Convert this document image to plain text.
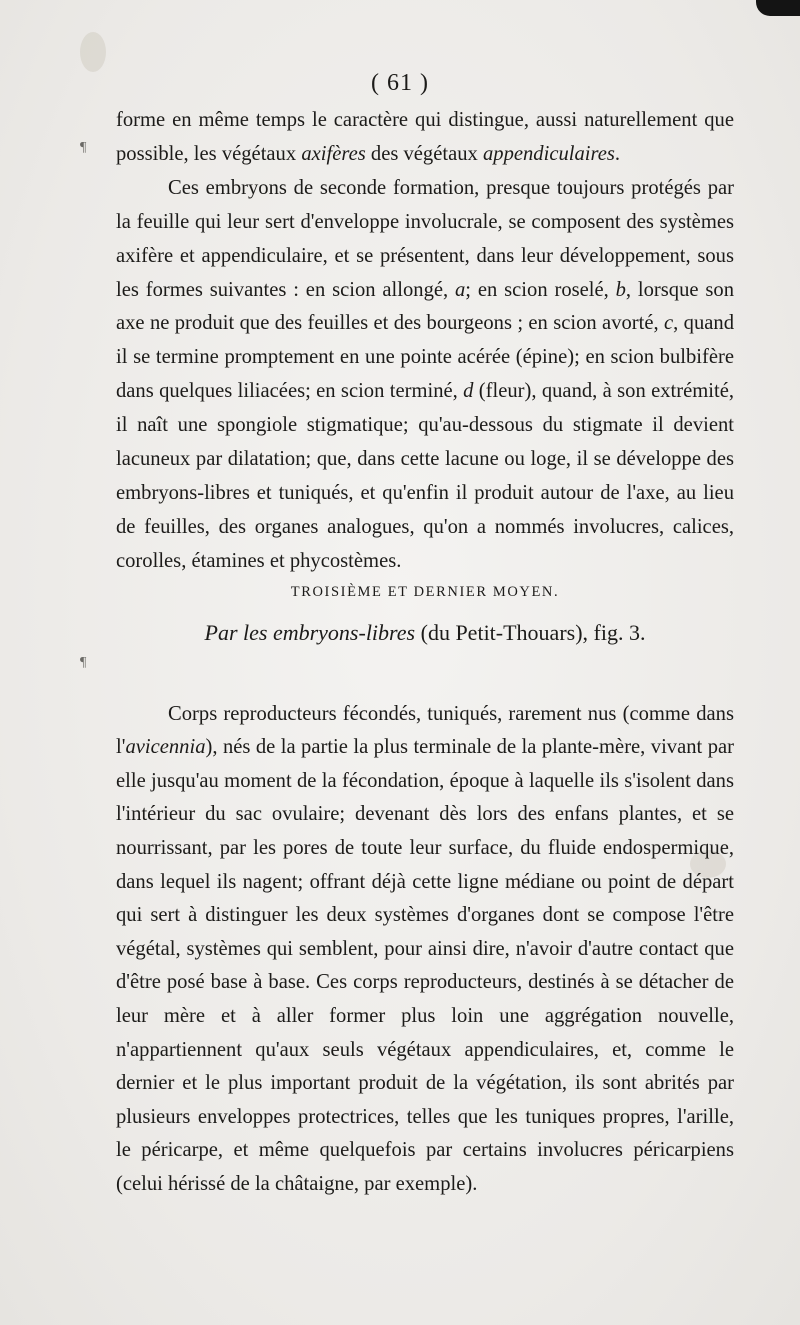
( 61 )
¶
¶

forme en même temps le caractère qui distingue, aussi naturellement que possible, les végétaux axifères des végétaux appendiculaires.

Ces embryons de seconde formation, presque toujours protégés par la feuille qui leur sert d'enveloppe involucrale, se composent des systèmes axifère et appendiculaire, et se présentent, dans leur développement, sous les formes suivantes : en scion allongé, a; en scion roselé, b, lorsque son axe ne produit que des feuilles et des bourgeons ; en scion avorté, c, quand il se termine promptement en une pointe acérée (épine); en scion bulbifère dans quelques liliacées; en scion terminé, d (fleur), quand, à son extrémité, il naît une spongiole stigmatique; qu'au-dessous du stigmate il devient lacuneux par dilatation; que, dans cette lacune ou loge, il se développe des embryons-libres et tuniqués, et qu'enfin il produit autour de l'axe, au lieu de feuilles, des organes analogues, qu'on a nommés involucres, calices, corolles, étamines et phycostèmes.

TROISIÈME ET DERNIER MOYEN.
Par les embryons-libres (du Petit-Thouars), fig. 3.

Corps reproducteurs fécondés, tuniqués, rarement nus (comme dans l'avicennia), nés de la partie la plus terminale de la plante-mère, vivant par elle jusqu'au moment de la fécondation, époque à laquelle ils s'isolent dans l'intérieur du sac ovulaire; devenant dès lors des enfans plantes, et se nourrissant, par les pores de toute leur surface, du fluide endospermique, dans lequel ils nagent; offrant déjà cette ligne médiane ou point de départ qui sert à distinguer les deux systèmes d'organes dont se compose l'être végétal, systèmes qui semblent, pour ainsi dire, n'avoir d'autre contact que d'être posé base à base. Ces corps reproducteurs, destinés à se détacher de leur mère et à aller former plus loin une aggrégation nouvelle, n'appartiennent qu'aux seuls végétaux appendiculaires, et, comme le dernier et le plus important produit de la végétation, ils sont abrités par plusieurs enveloppes protectrices, telles que les tuniques propres, l'arille, le péricarpe, et même quelquefois par certains involucres péricarpiens (celui hérissé de la châtaigne, par exemple).
